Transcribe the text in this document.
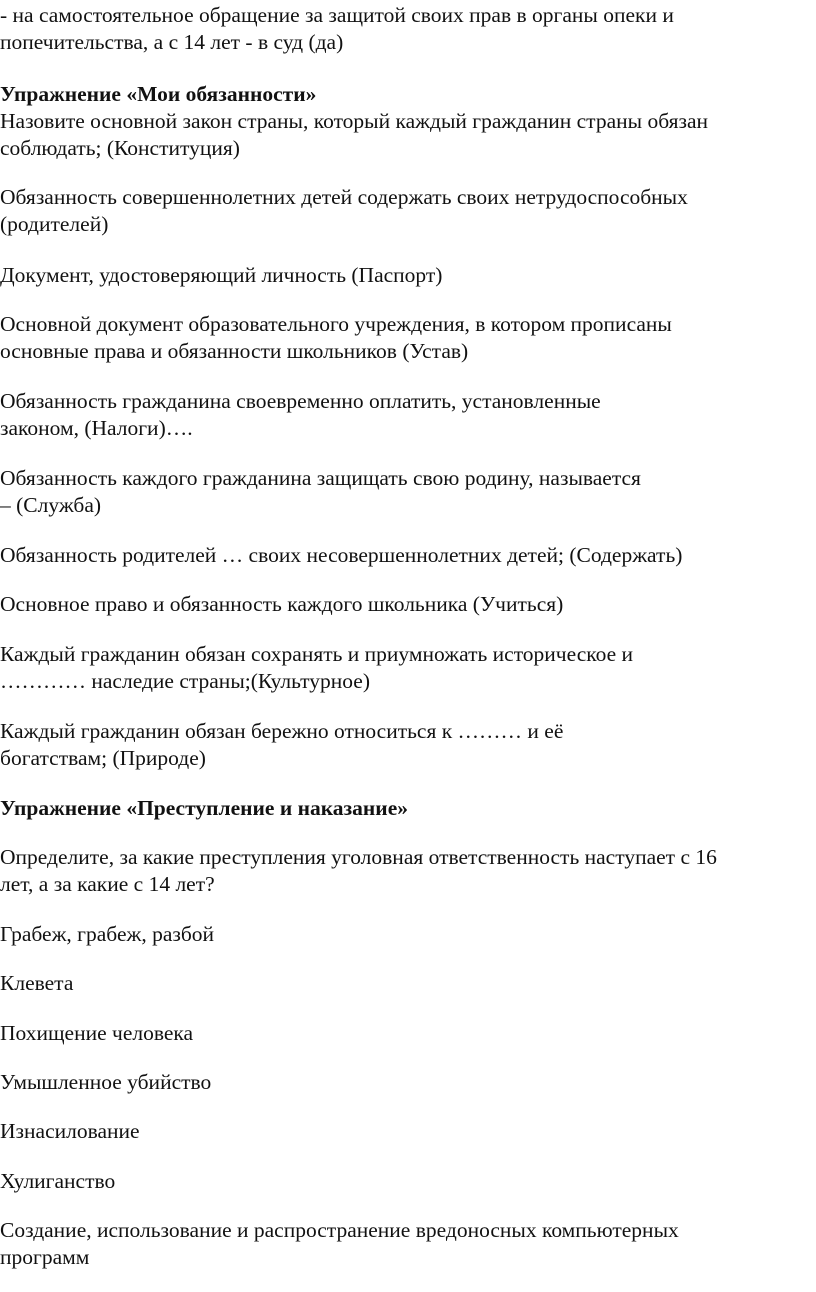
- на самостоятельное обращение за защитой своих прав в органы опеки и
попечительства, а с 14 лет - в суд (да)
Упражнение «Мои обязанности»
Назовите основной закон страны, который каждый гражданин страны обязан
соблюдать; (Конституция)
Обязанность совершеннолетних детей содержать своих нетрудоспособных
(родителей)
Документ, удостоверяющий личность (Паспорт)
Основной документ образовательного учреждения, в котором прописаны
основные права и обязанности школьников (Устав)
Обязанность гражданина своевременно оплатить, установленные
законом, (Налоги)….
Обязанность каждого гражданина защищать свою родину, называется
– (Служба)
Обязанность родителей … своих несовершеннолетних детей; (Содержать)
Основное право и обязанность каждого школьника (Учиться)
Каждый гражданин обязан сохранять и приумножать историческое и
………… наследие страны;(Культурное)
Каждый гражданин обязан бережно относиться к ……… и её
богатствам; (Природе)
Упражнение «Преступление и наказание»
Определите, за какие преступления уголовная ответственность наступает с 16
лет, а за какие с 14 лет?
Грабеж, грабеж, разбой
Клевета
Похищение человека
Умышленное убийство
Изнасилование
Хулиганство
Создание, использование и распространение вредоносных компьютерных
программ
